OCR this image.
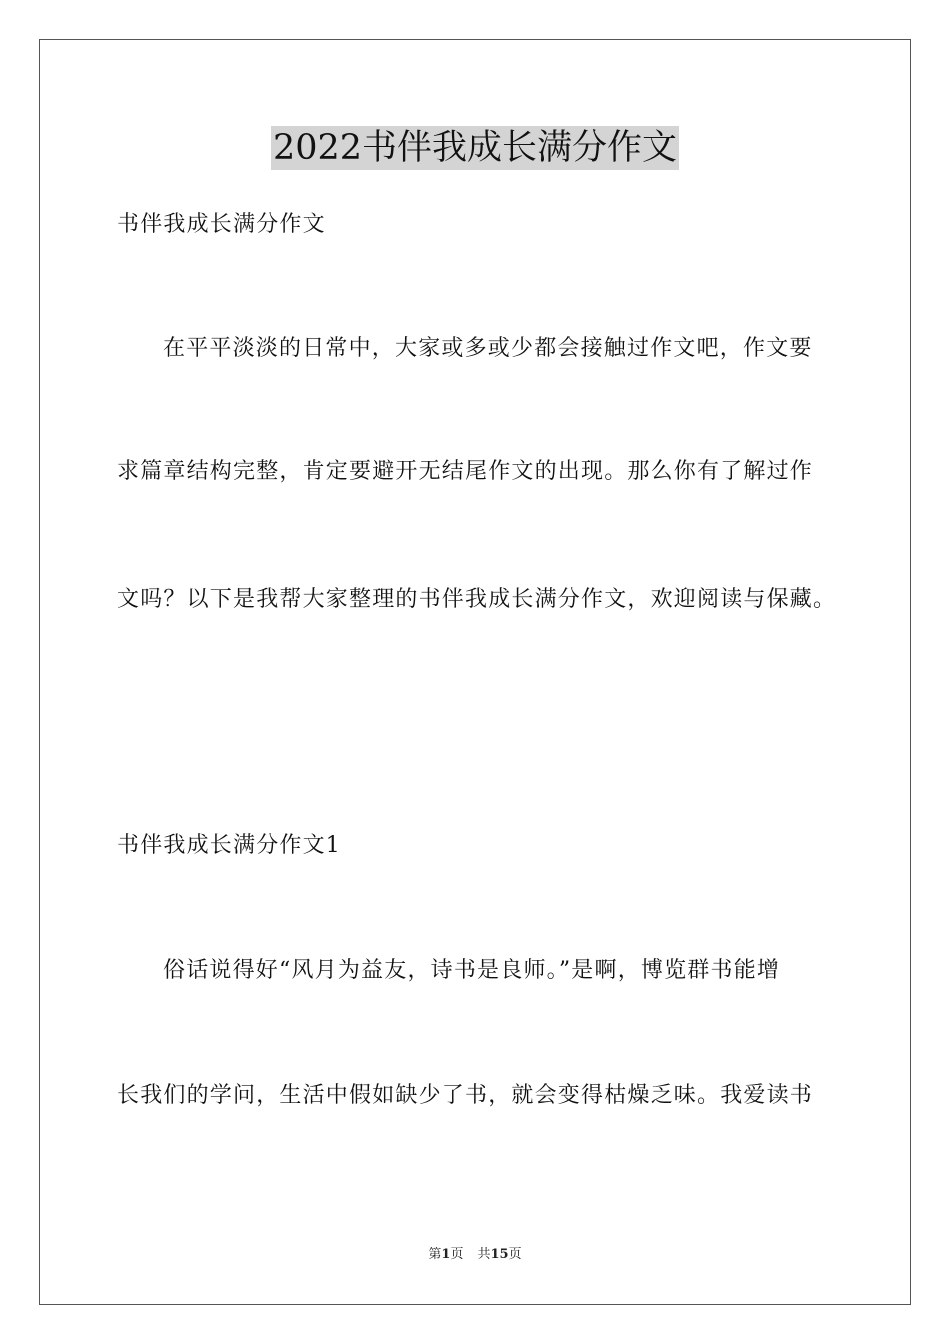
2022书伴我成长满分作文
书伴我成长满分作文
在平平淡淡的日常中，大家或多或少都会接触过作文吧，作文要
求篇章结构完整，肯定要避开无结尾作文的出现。那么你有了解过作
文吗？以下是我帮大家整理的书伴我成长满分作文，欢迎阅读与保藏。
书伴我成长满分作文1
俗话说得好“风月为益友，诗书是良师。”是啊，博览群书能增
长我们的学问，生活中假如缺少了书，就会变得枯燥乏味。我爱读书
第1页 共15页
